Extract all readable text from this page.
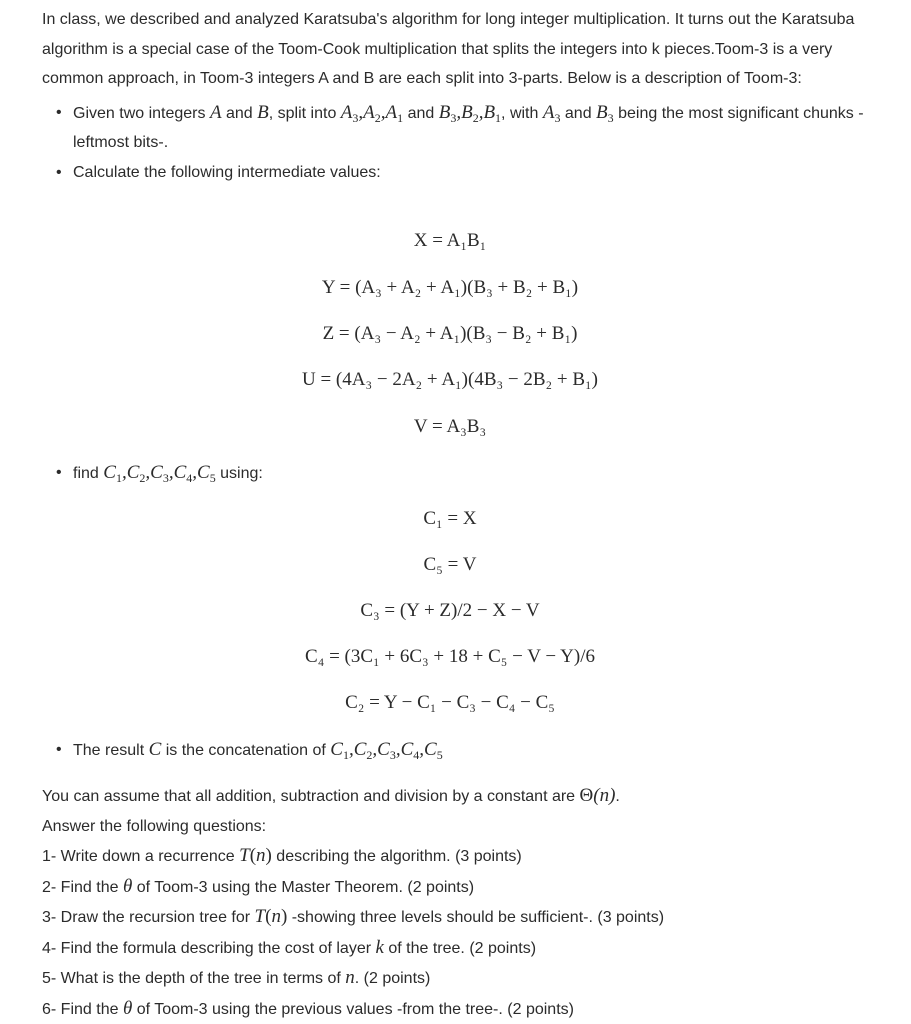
In class, we described and analyzed Karatsuba's algorithm for long integer multiplication. It turns out the Karatsuba algorithm is a special case of the Toom-Cook multiplication that splits the integers into k pieces.Toom-3 is a very common approach, in Toom-3 integers A and B are each split into 3-parts. Below is a description of Toom-3:

• Given two integers A and B, split into $A_3,A_2,A_1$ and $B_3,B_2,B_1$, with $A_3$ and $B_3$ being the most significant chunks -leftmost bits-.
• Calculate the following intermediate values:
X = A₁B₁
Y = (A₃ + A₂ + A₁)(B₃ + B₂ + B₁)
Z = (A₃ − A₂ + A₁)(B₃ − B₂ + B₁)
U = (4A₃ − 2A₂ + A₁)(4B₃ − 2B₂ + B₁)
V = A₃B₃
• find $C_1,C_2,C_3,C_4,C_5$ using:
C₁ = X
C₅ = V
C₃ = (Y + Z)/2 − X − V
C₄ = (3C₁ + 6C₃ + 18 + C₅ − V − Y)/6
C₂ = Y − C₁ − C₃ − C₄ − C₅
• The result C is the concatenation of $C_1,C_2,C_3,C_4,C_5$

You can assume that all addition, subtraction and division by a constant are Θ(n).

Answer the following questions:

1- Write down a recurrence T(n) describing the algorithm. (3 points)

2- Find the θ of Toom-3 using the Master Theorem. (2 points)

3- Draw the recursion tree for T(n) -showing three levels should be sufficient-. (3 points)

4- Find the formula describing the cost of layer k of the tree. (2 points)

5- What is the depth of the tree in terms of n. (2 points)

6- Find the θ of Toom-3 using the previous values -from the tree-. (2 points)
